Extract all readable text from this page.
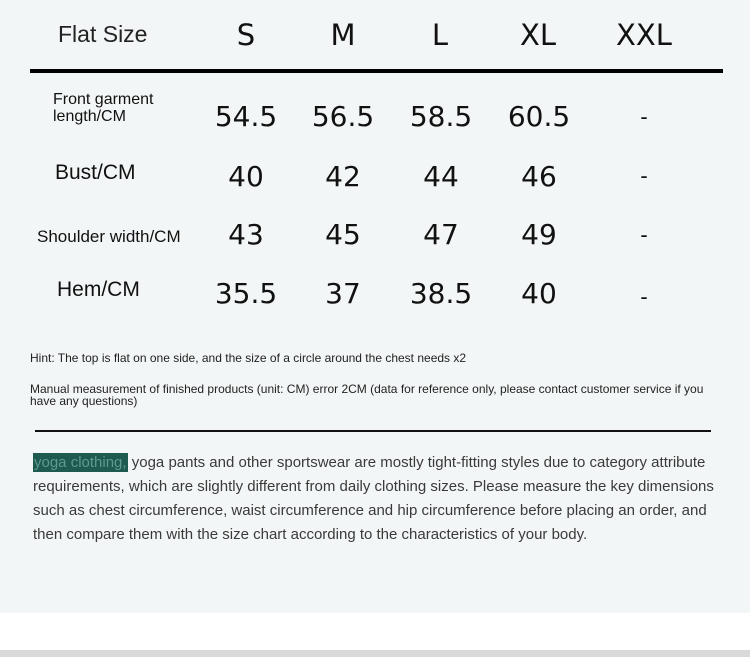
Flat Size	S	M	L	XL	XXL
Front garment
length/CM	54.5	56.5	58.5	60.5	-
Bust/CM	40	42	44	46	-
Shoulder width/CM	43	45	47	49	-
Hem/CM	35.5	37	38.5	40	-
Hint: The top is flat on one side, and the size of a circle around the chest needs x2
Manual measurement of finished products (unit: CM) error 2CM (data for reference only, please contact customer service if you have any questions)
yoga clothing, yoga pants and other sportswear are mostly tight-fitting styles due to category attribute requirements, which are slightly different from daily clothing sizes. Please measure the key dimensions such as chest circumference, waist circumference and hip circumference before placing an order, and then compare them with the size chart according to the characteristics of your body.
